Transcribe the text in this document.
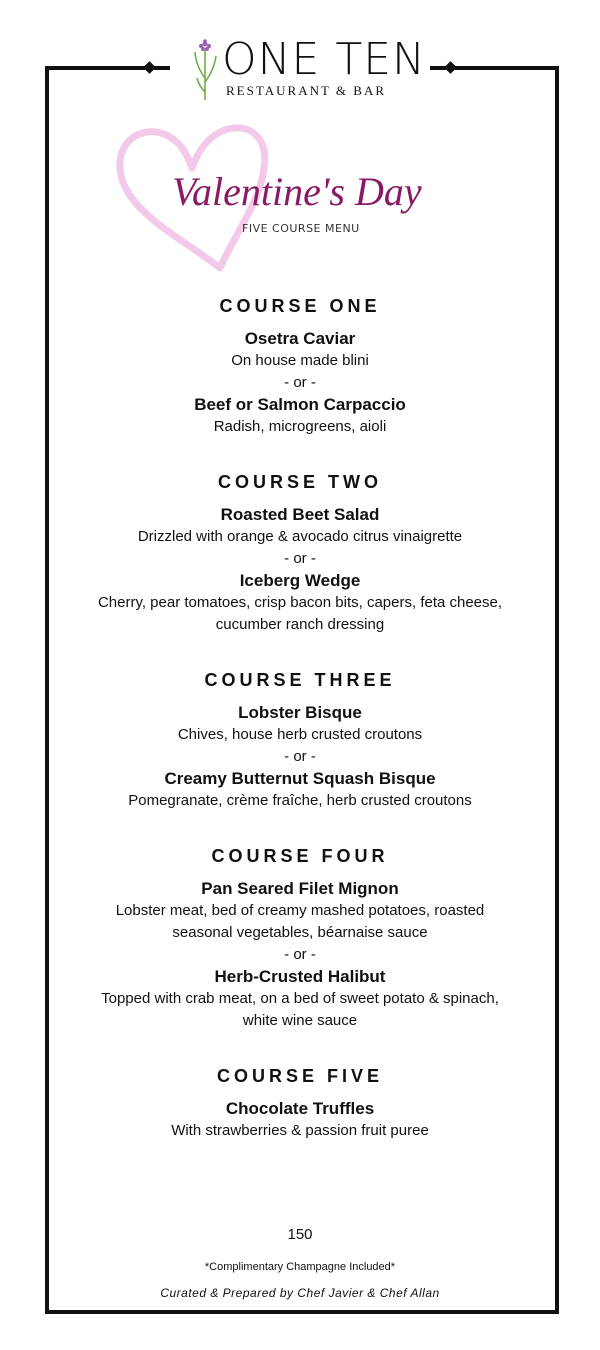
ONE TEN
RESTAURANT & BAR
Valentine's Day
FIVE COURSE MENU
COURSE ONE
Osetra Caviar
On house made blini
- or -
Beef or Salmon Carpaccio
Radish, microgreens, aioli
COURSE TWO
Roasted Beet Salad
Drizzled with orange & avocado citrus vinaigrette
- or -
Iceberg Wedge
Cherry, pear tomatoes, crisp bacon bits, capers, feta cheese, cucumber ranch dressing
COURSE THREE
Lobster Bisque
Chives, house herb crusted croutons
- or -
Creamy Butternut Squash Bisque
Pomegranate, crème fraîche, herb crusted croutons
COURSE FOUR
Pan Seared Filet Mignon
Lobster meat, bed of creamy mashed potatoes, roasted seasonal vegetables, béarnaise sauce
- or -
Herb-Crusted Halibut
Topped with crab meat, on a bed of sweet potato & spinach, white wine sauce
COURSE FIVE
Chocolate Truffles
With strawberries & passion fruit puree
150
*Complimentary Champagne Included*
Curated & Prepared by Chef Javier & Chef Allan
